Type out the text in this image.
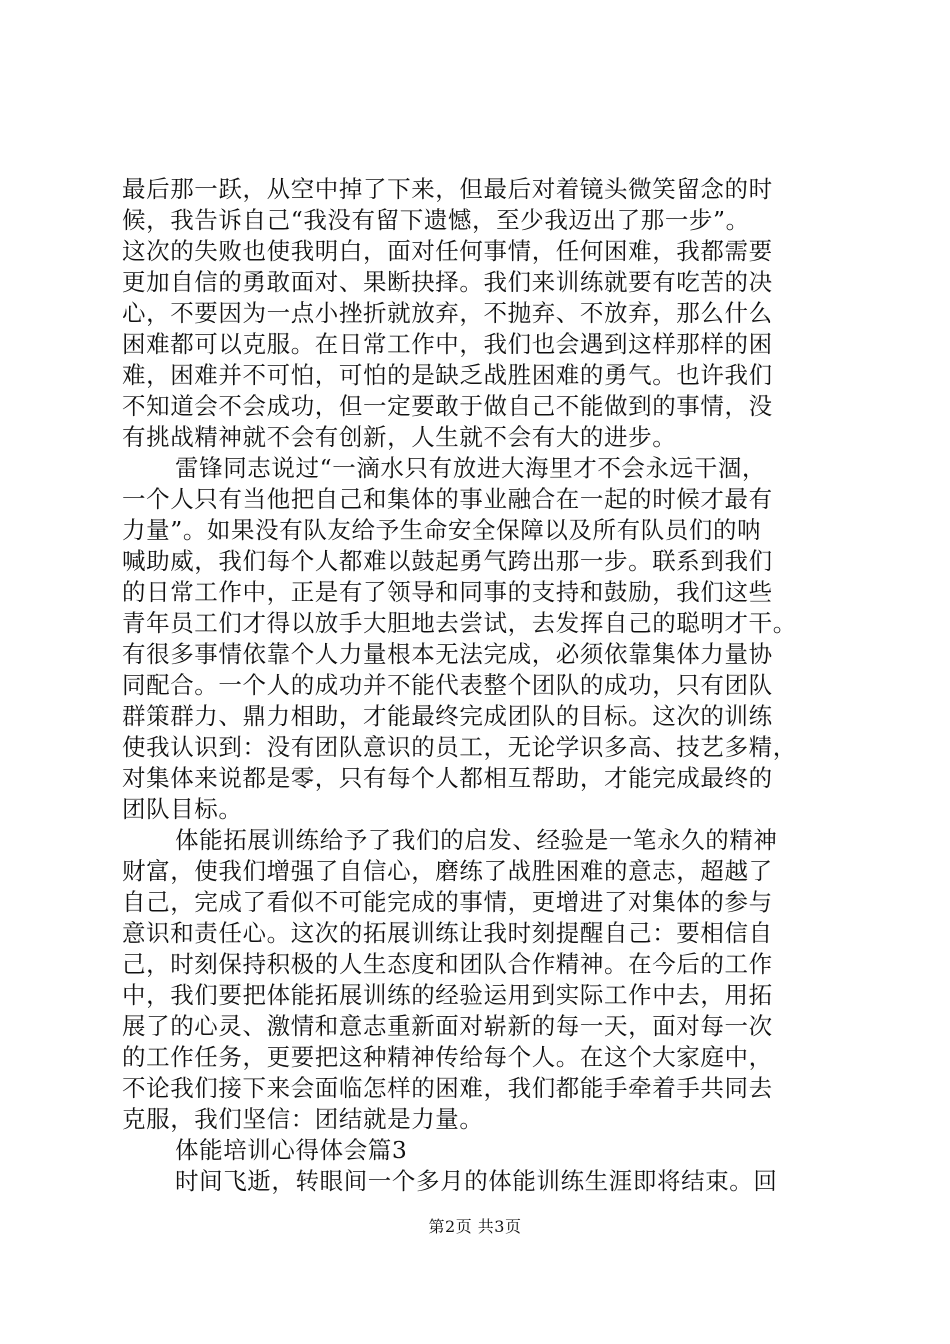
最后那一跃，从空中掉了下来，但最后对着镜头微笑留念的时
候，我告诉自己“我没有留下遗憾，至少我迈出了那一步”。
这次的失败也使我明白，面对任何事情，任何困难，我都需要
更加自信的勇敢面对、果断抉择。我们来训练就要有吃苦的决
心，不要因为一点小挫折就放弃，不抛弃、不放弃，那么什么
困难都可以克服。在日常工作中，我们也会遇到这样那样的困
难，困难并不可怕，可怕的是缺乏战胜困难的勇气。也许我们
不知道会不会成功，但一定要敢于做自己不能做到的事情，没
有挑战精神就不会有创新，人生就不会有大的进步。
雷锋同志说过“一滴水只有放进大海里才不会永远干涸，
一个人只有当他把自己和集体的事业融合在一起的时候才最有
力量”。如果没有队友给予生命安全保障以及所有队员们的呐
喊助威，我们每个人都难以鼓起勇气跨出那一步。联系到我们
的日常工作中，正是有了领导和同事的支持和鼓励，我们这些
青年员工们才得以放手大胆地去尝试，去发挥自己的聪明才干。
有很多事情依靠个人力量根本无法完成，必须依靠集体力量协
同配合。一个人的成功并不能代表整个团队的成功，只有团队
群策群力、鼎力相助，才能最终完成团队的目标。这次的训练
使我认识到：没有团队意识的员工，无论学识多高、技艺多精，
对集体来说都是零，只有每个人都相互帮助，才能完成最终的
团队目标。
体能拓展训练给予了我们的启发、经验是一笔永久的精神
财富，使我们增强了自信心，磨练了战胜困难的意志，超越了
自己，完成了看似不可能完成的事情，更增进了对集体的参与
意识和责任心。这次的拓展训练让我时刻提醒自己：要相信自
己，时刻保持积极的人生态度和团队合作精神。在今后的工作
中，我们要把体能拓展训练的经验运用到实际工作中去，用拓
展了的心灵、激情和意志重新面对崭新的每一天，面对每一次
的工作任务，更要把这种精神传给每个人。在这个大家庭中，
不论我们接下来会面临怎样的困难，我们都能手牵着手共同去
克服，我们坚信：团结就是力量。
体能培训心得体会篇3
时间飞逝，转眼间一个多月的体能训练生涯即将结束。回
第2页 共3页
